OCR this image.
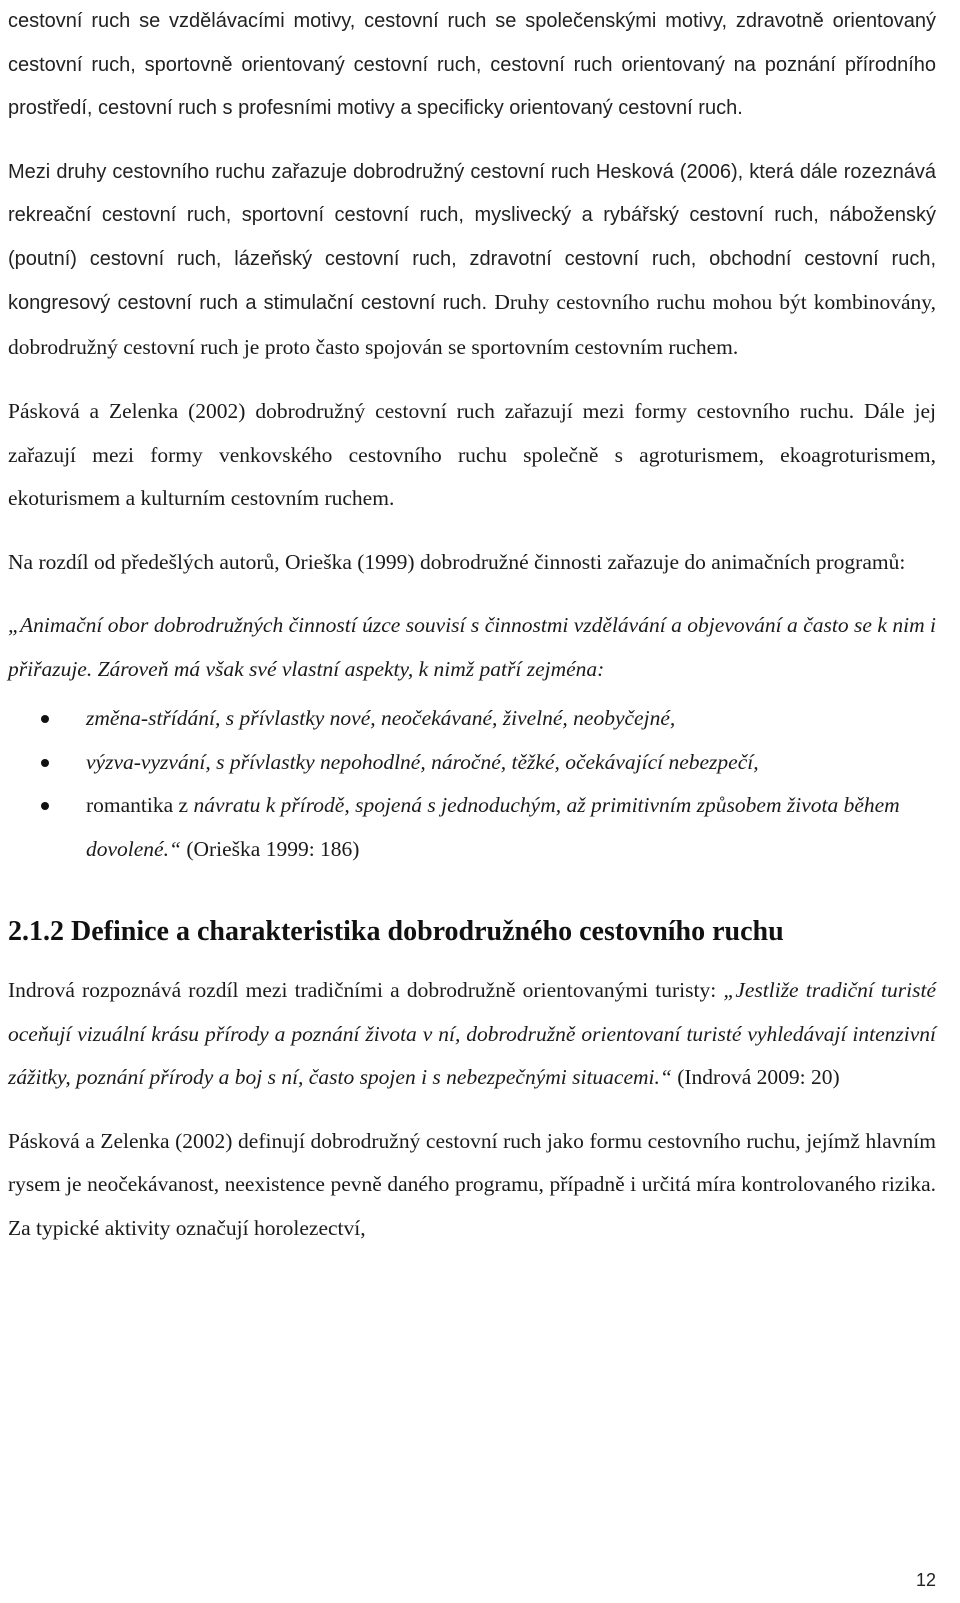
cestovní ruch se vzdělávacími motivy, cestovní ruch se společenskými motivy, zdravotně orientovaný cestovní ruch, sportovně orientovaný cestovní ruch, cestovní ruch orientovaný na poznání přírodního prostředí, cestovní ruch s profesními motivy a specificky orientovaný cestovní ruch.

Mezi druhy cestovního ruchu zařazuje dobrodružný cestovní ruch Hesková (2006), která dále rozeznává rekreační cestovní ruch, sportovní cestovní ruch, myslivecký a rybářský cestovní ruch, náboženský (poutní) cestovní ruch, lázeňský cestovní ruch, zdravotní cestovní ruch, obchodní cestovní ruch, kongresový cestovní ruch a stimulační cestovní ruch. Druhy cestovního ruchu mohou být kombinovány, dobrodružný cestovní ruch je proto často spojován se sportovním cestovním ruchem.

Pásková a Zelenka (2002) dobrodružný cestovní ruch zařazují mezi formy cestovního ruchu. Dále jej zařazují mezi formy venkovského cestovního ruchu společně s agroturismem, ekoagroturismem, ekoturismem a kulturním cestovním ruchem.

Na rozdíl od předešlých autorů, Orieška (1999) dobrodružné činnosti zařazuje do animačních programů:

„Animační obor dobrodružných činností úzce souvisí s činnostmi vzdělávání a objevování a často se k nim i přiřazuje. Zároveň má však své vlastní aspekty, k nimž patří zejména:

změna-střídání, s přívlastky nové, neočekávané, živelné, neobyčejné,
výzva-vyzvání, s přívlastky nepohodlné, náročné, těžké, očekávající nebezpečí,
romantika z návratu k přírodě, spojená s jednoduchým, až primitivním způsobem života během dovolené.“ (Orieška 1999: 186)
2.1.2 Definice a charakteristika dobrodružného cestovního ruchu

Indrová rozpoznává rozdíl mezi tradičními a dobrodružně orientovanými turisty: „Jestliže tradiční turisté oceňují vizuální krásu přírody a poznání života v ní, dobrodružně orientovaní turisté vyhledávají intenzivní zážitky, poznání přírody a boj s ní, často spojen i s nebezpečnými situacemi.“ (Indrová 2009: 20)

Pásková a Zelenka (2002) definují dobrodružný cestovní ruch jako formu cestovního ruchu, jejímž hlavním rysem je neočekávanost, neexistence pevně daného programu, případně i určitá míra kontrolovaného rizika. Za typické aktivity označují horolezectví,

12
